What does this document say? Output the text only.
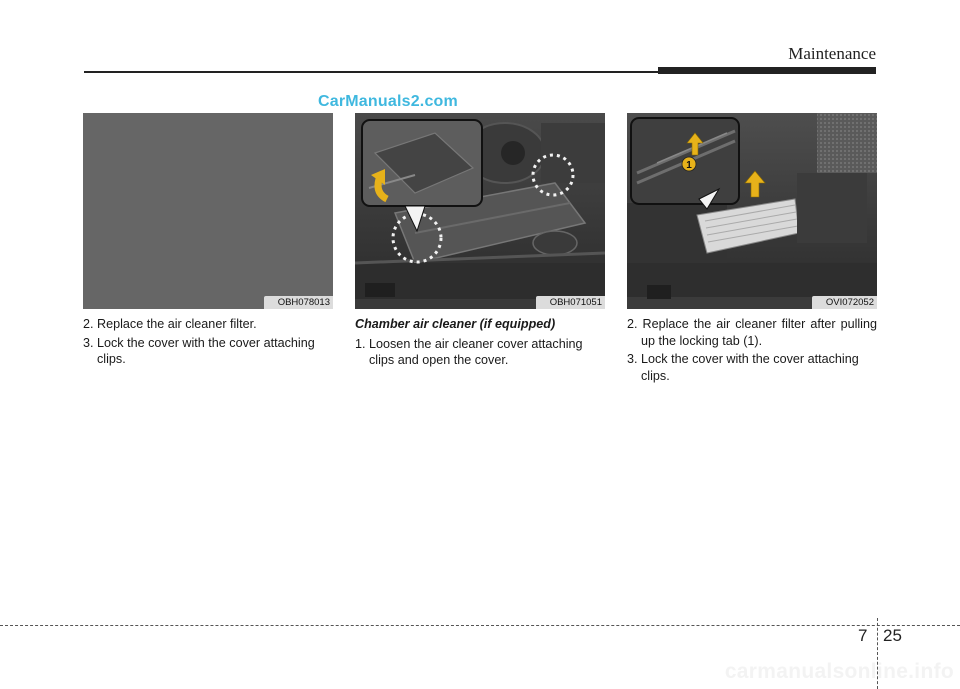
Maintenance
CarManuals2.com
OBH078013	OBH071051
1
OVI072052

2. Replace the air cleaner filter.

3. Lock the cover with the cover attaching clips.

Chamber air cleaner (if equipped)

1. Loosen the air cleaner cover attaching clips and open the cover.

2. Replace the air cleaner filter after pulling up the locking tab (1).

3. Lock the cover with the cover attaching clips.

7 25
carmanualsonline.info
